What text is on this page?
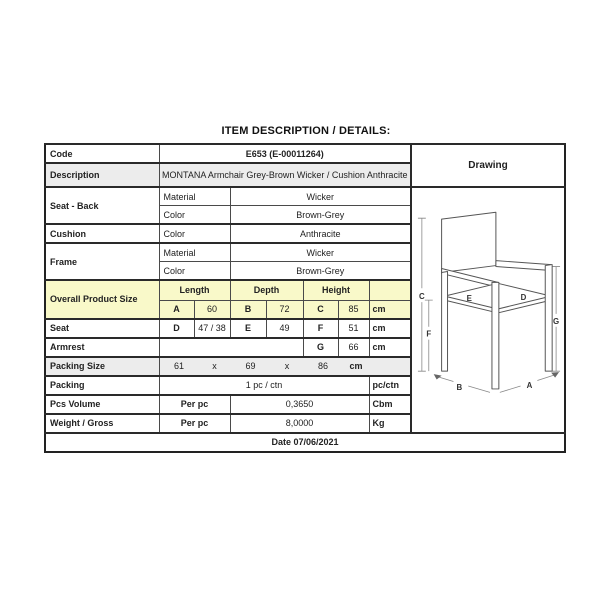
ITEM DESCRIPTION / DETAILS:
Code	E653 (E-00011264)							Drawing
Description	MONTANA Armchair Grey-Brown Wicker / Cushion Anthracite							
Seat - Back	Material	Wicker	
C
F
G
E	D
B	A

	Color		Brown-Grey					
Cushion	Color		Anthracite					
Frame	Material		Wicker					
	Color		Brown-Grey					
Overall Product Size	Length		Depth		Height			
	A	60	B	72	C	85	cm	
Seat	D	47 / 38	E	49	F	51	cm	
Armrest					G	66	cm	
Packing Size	61	x	69	x	86	cm

Packing	1 pc / ctn						pc/ctn	
Pcs Volume	Per pc		0,3650				Cbm	
Weight / Gross	Per pc		8,0000				Kg	
Date 07/06/2021								
